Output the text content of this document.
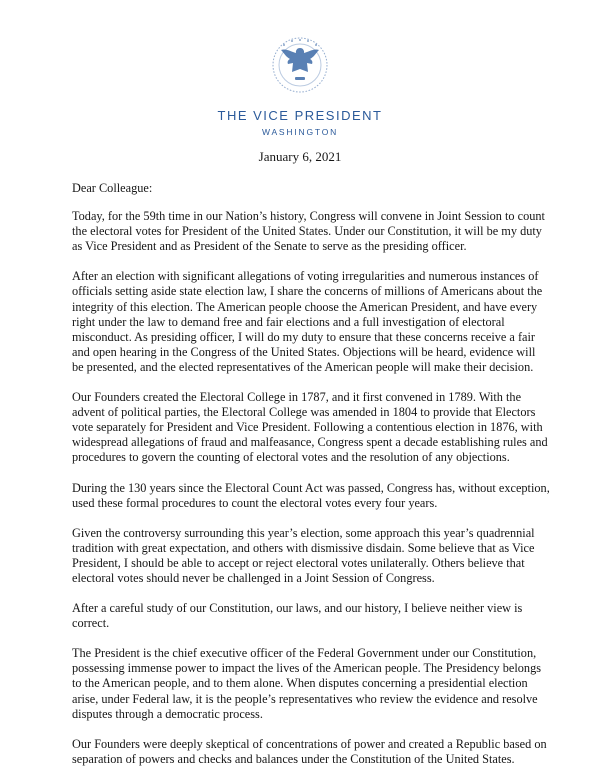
THE VICE PRESIDENT
WASHINGTON
January 6, 2021
Dear Colleague:

Today, for the 59th time in our Nation’s history, Congress will convene in Joint Session to count
the electoral votes for President of the United States. Under our Constitution, it will be my duty
as Vice President and as President of the Senate to serve as the presiding officer.

After an election with significant allegations of voting irregularities and numerous instances of
officials setting aside state election law, I share the concerns of millions of Americans about the
integrity of this election. The American people choose the American President, and have every
right under the law to demand free and fair elections and a full investigation of electoral
misconduct. As presiding officer, I will do my duty to ensure that these concerns receive a fair
and open hearing in the Congress of the United States. Objections will be heard, evidence will
be presented, and the elected representatives of the American people will make their decision.

Our Founders created the Electoral College in 1787, and it first convened in 1789. With the
advent of political parties, the Electoral College was amended in 1804 to provide that Electors
vote separately for President and Vice President. Following a contentious election in 1876, with
widespread allegations of fraud and malfeasance, Congress spent a decade establishing rules and
procedures to govern the counting of electoral votes and the resolution of any objections.

During the 130 years since the Electoral Count Act was passed, Congress has, without exception,
used these formal procedures to count the electoral votes every four years.

Given the controversy surrounding this year’s election, some approach this year’s quadrennial
tradition with great expectation, and others with dismissive disdain. Some believe that as Vice
President, I should be able to accept or reject electoral votes unilaterally. Others believe that
electoral votes should never be challenged in a Joint Session of Congress.

After a careful study of our Constitution, our laws, and our history, I believe neither view is
correct.

The President is the chief executive officer of the Federal Government under our Constitution,
possessing immense power to impact the lives of the American people. The Presidency belongs
to the American people, and to them alone. When disputes concerning a presidential election
arise, under Federal law, it is the people’s representatives who review the evidence and resolve
disputes through a democratic process.

Our Founders were deeply skeptical of concentrations of power and created a Republic based on
separation of powers and checks and balances under the Constitution of the United States.
